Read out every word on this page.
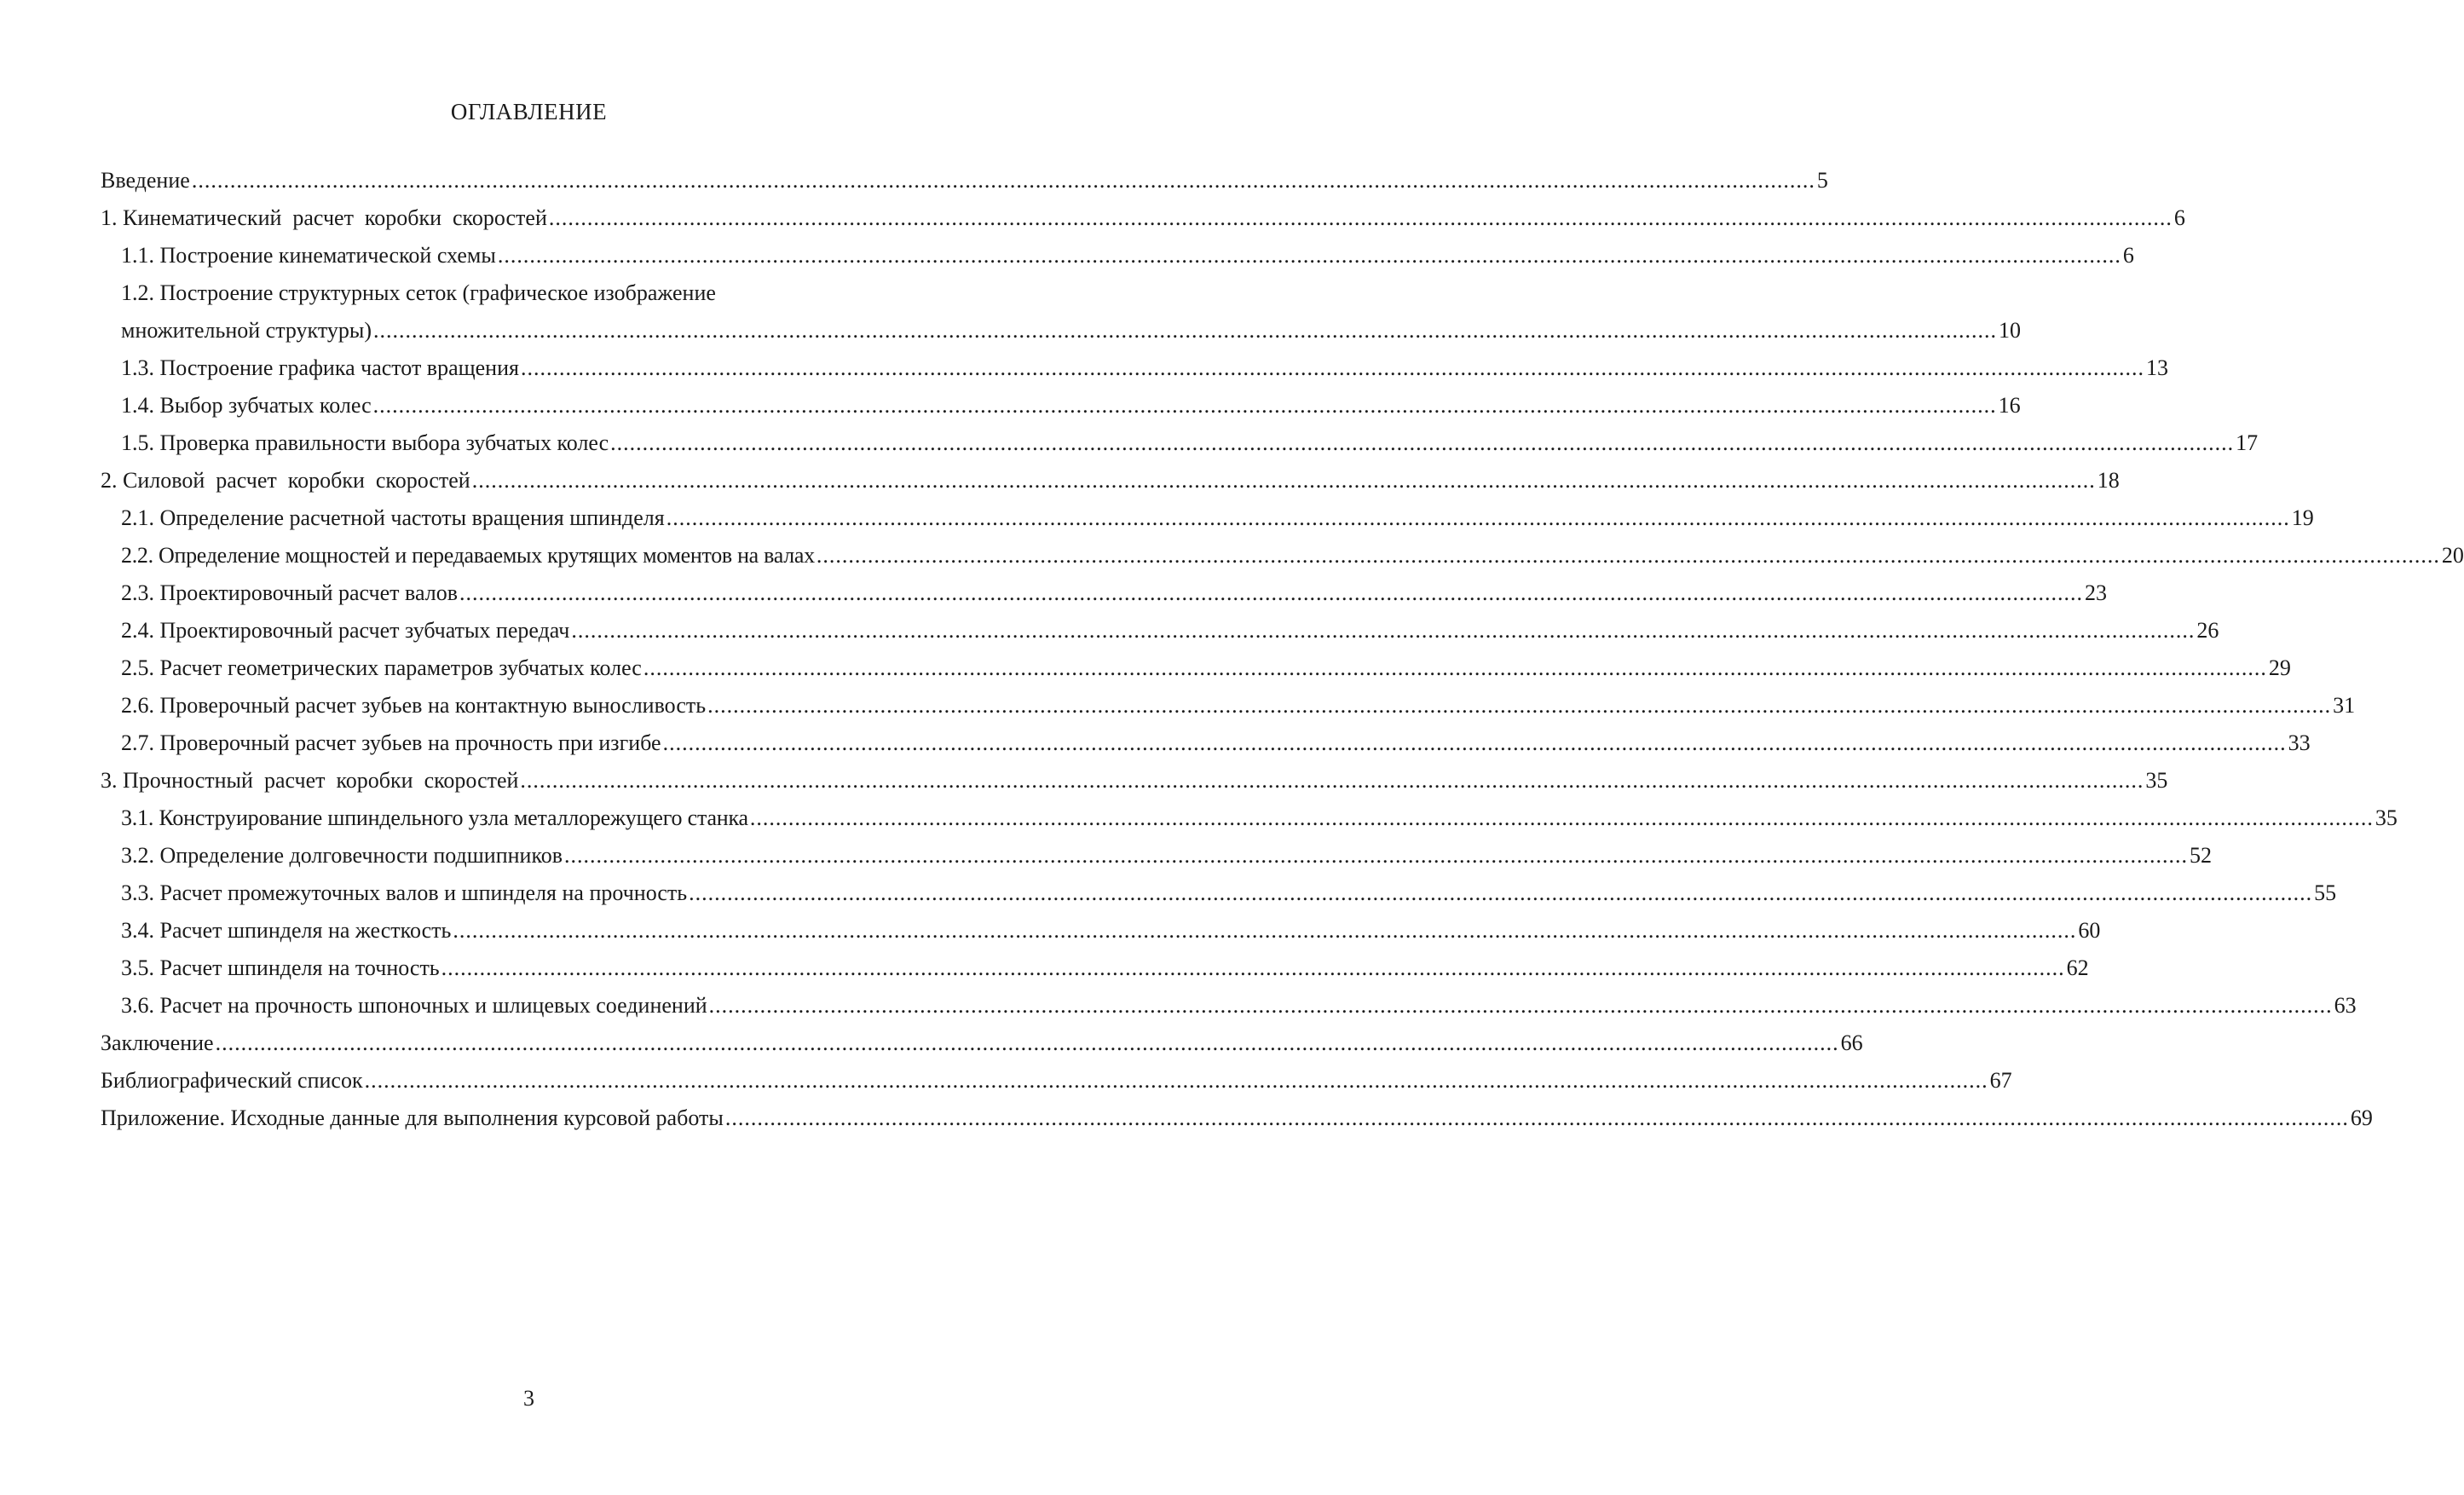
ОГЛАВЛЕНИЕ
Введение .....	5
1. Кинематический  расчет  коробки  скоростей .....	6
1.1. Построение кинематической схемы .....	6
1.2. Построение структурных сеток (графическое изображение
множительной структуры) .....	10
1.3. Построение графика частот вращения .....	13
1.4. Выбор зубчатых колес .....	16
1.5. Проверка правильности выбора зубчатых колес .....	17
2. Силовой  расчет  коробки  скоростей .....	18
2.1. Определение расчетной частоты вращения шпинделя .....	19
2.2. Определение мощностей и передаваемых крутящих моментов на валах .....	20
2.3. Проектировочный расчет валов .....	23
2.4. Проектировочный расчет зубчатых передач .....	26
2.5. Расчет геометрических параметров зубчатых колес .....	29
2.6. Проверочный расчет зубьев на контактную выносливость .....	31
2.7. Проверочный расчет зубьев на прочность при изгибе .....	33
3. Прочностный  расчет  коробки  скоростей .....	35
3.1. Конструирование шпиндельного узла металлорежущего станка .....	35
3.2. Определение долговечности подшипников .....	52
3.3. Расчет промежуточных валов и шпинделя на прочность .....	55
3.4. Расчет шпинделя на жесткость .....	60
3.5. Расчет шпинделя на точность .....	62
3.6. Расчет на прочность шпоночных и шлицевых соединений .....	63
Заключение .....	66
Библиографический список .....	67
Приложение. Исходные данные для выполнения курсовой работы .....	69
3
